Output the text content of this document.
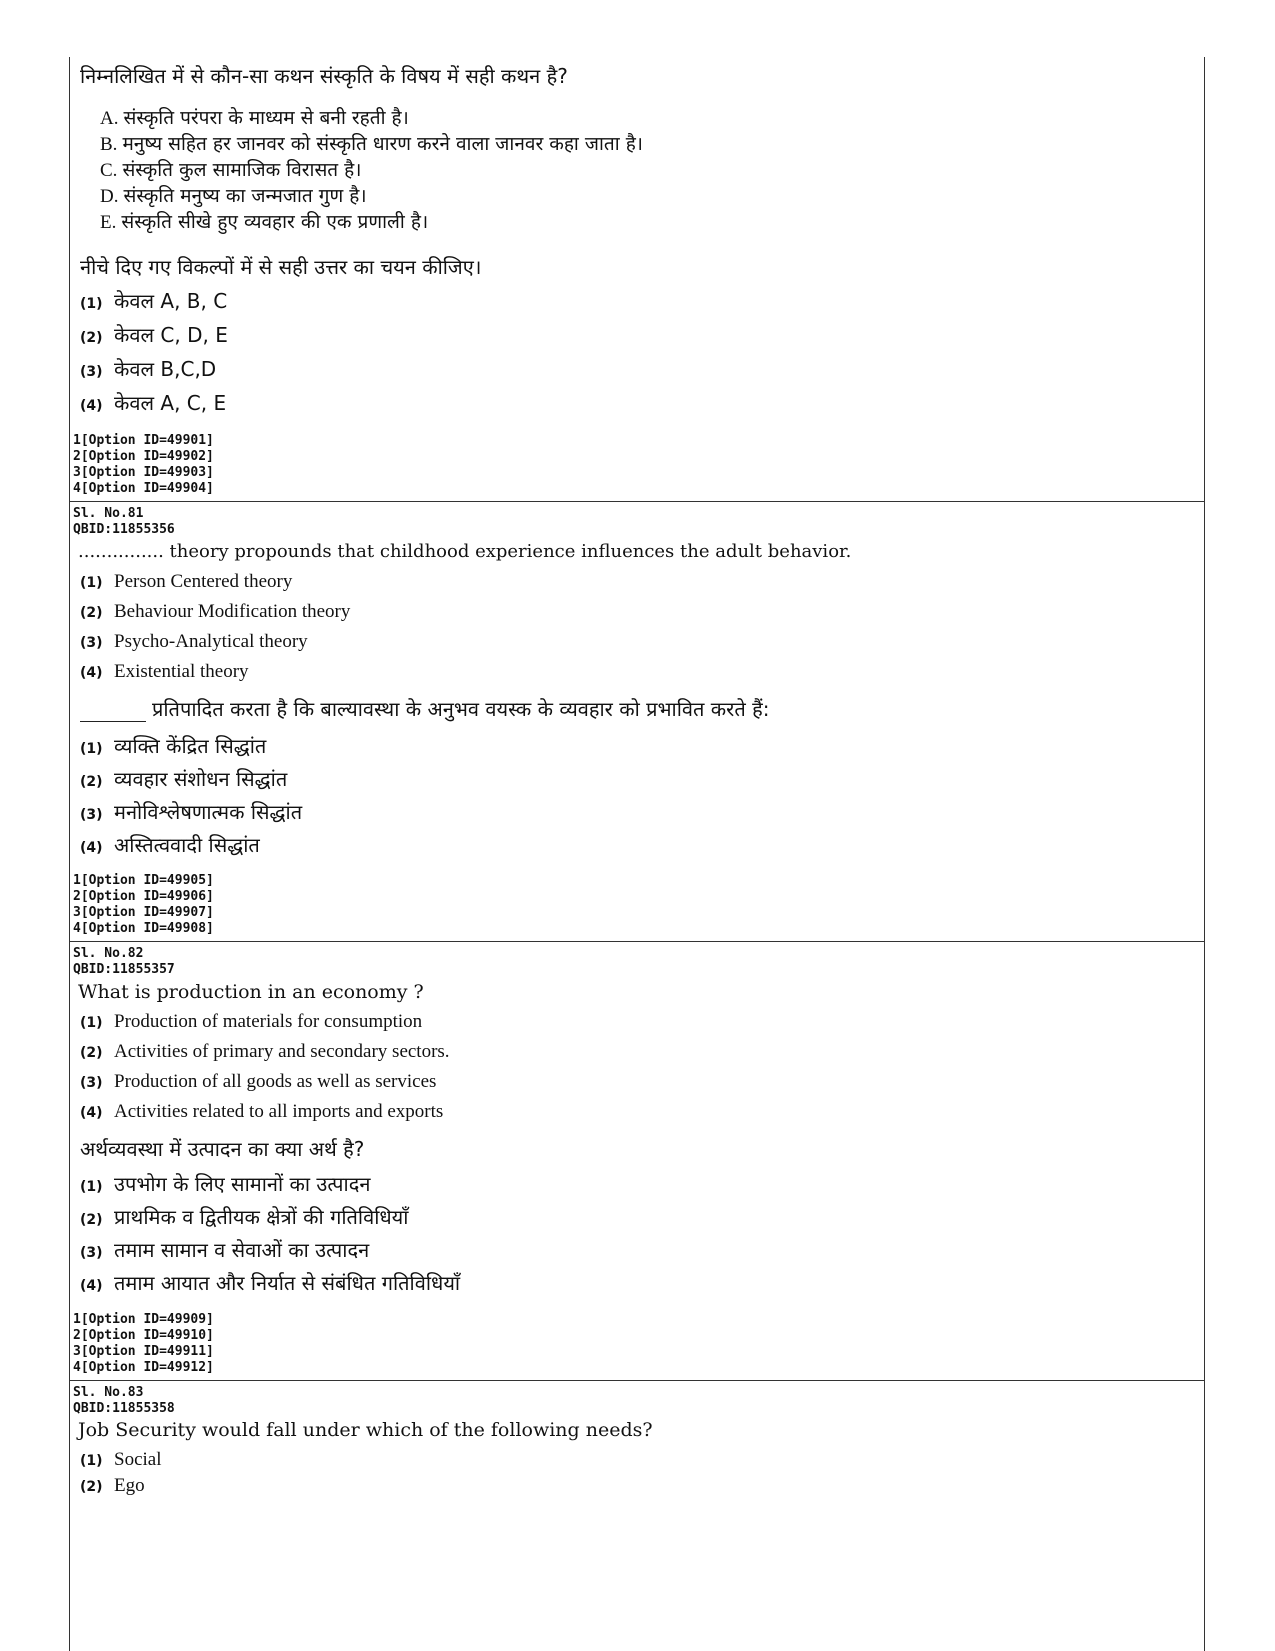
निम्नलिखित में से कौन-सा कथन संस्कृति के विषय में सही कथन है?
A. संस्कृति परंपरा के माध्यम से बनी रहती है।
B. मनुष्य सहित हर जानवर को संस्कृति धारण करने वाला जानवर कहा जाता है।
C. संस्कृति कुल सामाजिक विरासत है।
D. संस्कृति मनुष्य का जन्मजात गुण है।
E. संस्कृति सीखे हुए व्यवहार की एक प्रणाली है।
नीचे दिए गए विकल्पों में से सही उत्तर का चयन कीजिए।
(1) केवल A, B, C
(2) केवल C, D, E
(3) केवल B,C,D
(4) केवल A, C, E
1[Option ID=49901]
2[Option ID=49902]
3[Option ID=49903]
4[Option ID=49904]
Sl. No.81
QBID:11855356
............... theory propounds that childhood experience influences the adult behavior.
(1) Person Centered theory
(2) Behaviour Modification theory
(3) Psycho-Analytical theory
(4) Existential theory
प्रतिपादित करता है कि बाल्यावस्था के अनुभव वयस्क के व्यवहार को प्रभावित करते हैं:
(1) व्यक्ति केंद्रित सिद्धांत
(2) व्यवहार संशोधन सिद्धांत
(3) मनोविश्लेषणात्मक सिद्धांत
(4) अस्तित्ववादी सिद्धांत
1[Option ID=49905]
2[Option ID=49906]
3[Option ID=49907]
4[Option ID=49908]
Sl. No.82
QBID:11855357
What is production in an economy ?
(1) Production of materials for consumption
(2) Activities of primary and secondary sectors.
(3) Production of all goods as well as services
(4) Activities related to all imports and exports
अर्थव्यवस्था में उत्पादन का क्या अर्थ है?
(1) उपभोग के लिए सामानों का उत्पादन
(2) प्राथमिक व द्वितीयक क्षेत्रों की गतिविधियाँ
(3) तमाम सामान व सेवाओं का उत्पादन
(4) तमाम आयात और निर्यात से संबंधित गतिविधियाँ
1[Option ID=49909]
2[Option ID=49910]
3[Option ID=49911]
4[Option ID=49912]
Sl. No.83
QBID:11855358
Job Security would fall under which of the following needs?
(1) Social
(2) Ego
